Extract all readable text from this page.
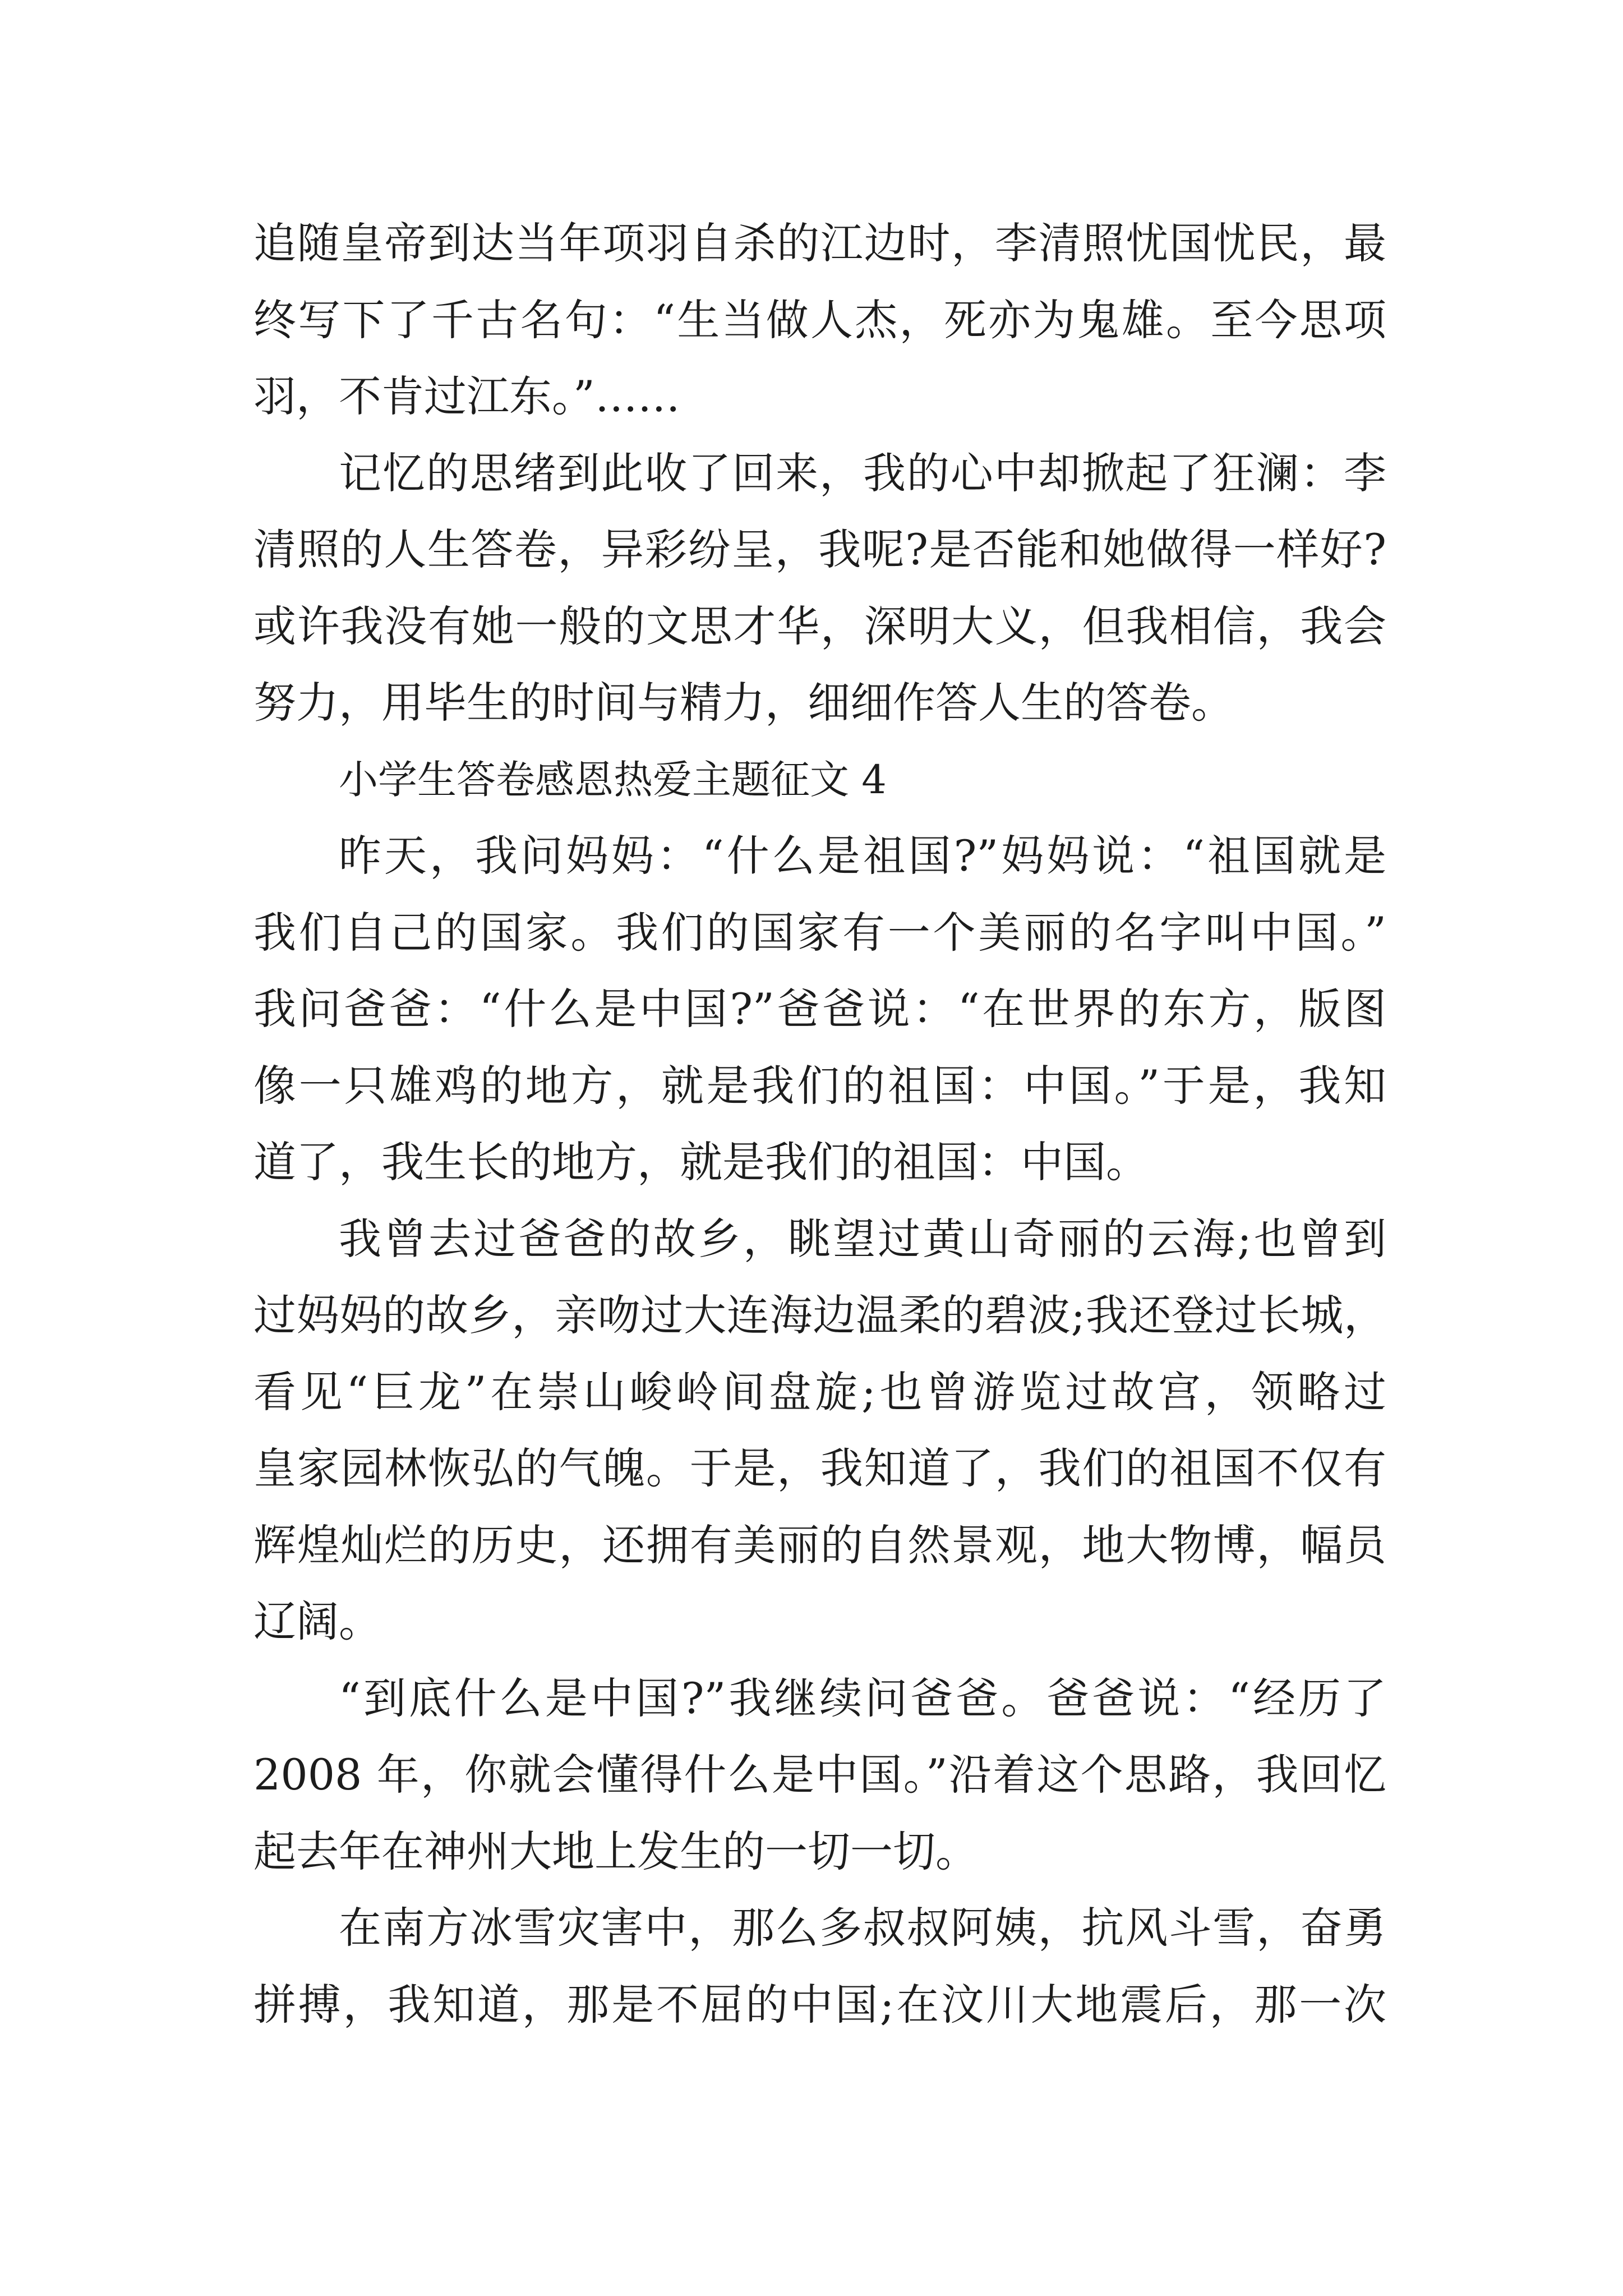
追随皇帝到达当年项羽自杀的江边时，李清照忧国忧民，最
终写下了千古名句：“生当做人杰，死亦为鬼雄。至今思项
羽，不肯过江东。”……
记忆的思绪到此收了回来，我的心中却掀起了狂澜：李
清照的人生答卷，异彩纷呈，我呢?是否能和她做得一样好?
或许我没有她一般的文思才华，深明大义，但我相信，我会
努力，用毕生的时间与精力，细细作答人生的答卷。
小学生答卷感恩热爱主题征文 4
昨天，我问妈妈：“什么是祖国?”妈妈说：“祖国就是
我们自己的国家。我们的国家有一个美丽的名字叫中国。”
我问爸爸：“什么是中国?”爸爸说：“在世界的东方，版图
像一只雄鸡的地方，就是我们的祖国：中国。”于是，我知
道了，我生长的地方，就是我们的祖国：中国。
我曾去过爸爸的故乡，眺望过黄山奇丽的云海;也曾到
过妈妈的故乡，亲吻过大连海边温柔的碧波;我还登过长城，
看见“巨龙”在崇山峻岭间盘旋;也曾游览过故宫，领略过
皇家园林恢弘的气魄。于是，我知道了，我们的祖国不仅有
辉煌灿烂的历史，还拥有美丽的自然景观，地大物博，幅员
辽阔。
“到底什么是中国?”我继续问爸爸。爸爸说：“经历了
2008 年，你就会懂得什么是中国。”沿着这个思路，我回忆
起去年在神州大地上发生的一切一切。
在南方冰雪灾害中，那么多叔叔阿姨，抗风斗雪，奋勇
拼搏，我知道，那是不屈的中国;在汶川大地震后，那一次
